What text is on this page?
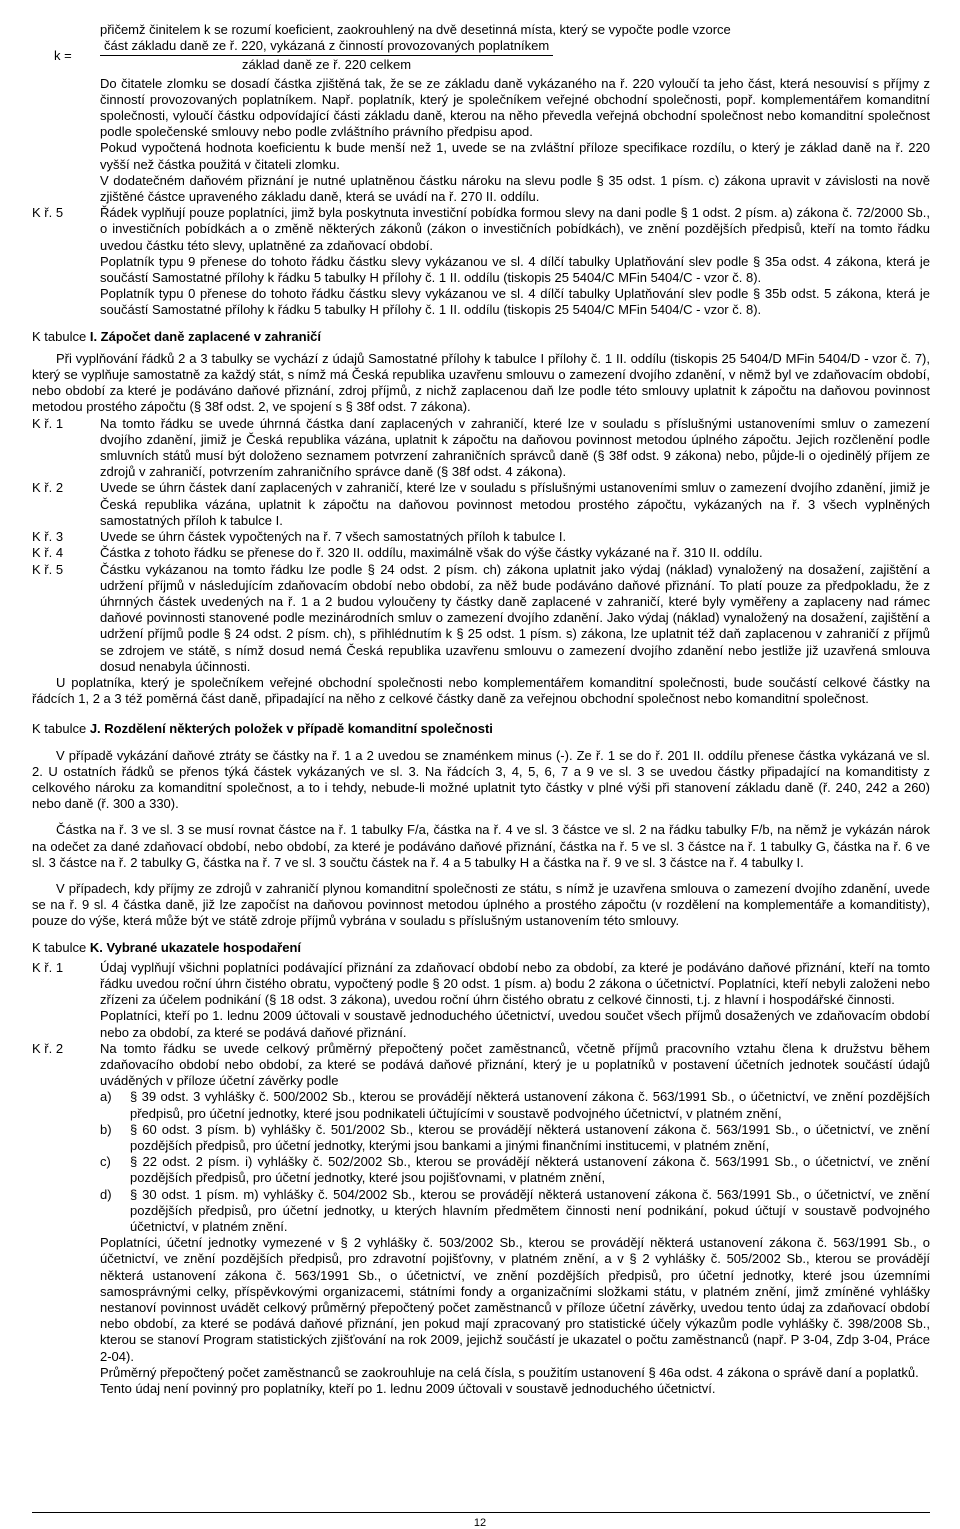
přičemž činitelem k se rozumí koeficient, zaokrouhlený na dvě desetinná místa, který se vypočte podle vzorce

k =
část základu daně ze ř. 220, vykázaná z činností provozovaných poplatníkem
základ daně ze ř. 220 celkem

Do čitatele zlomku se dosadí částka zjištěná tak, že se ze základu daně vykázaného na ř. 220 vyloučí ta jeho část, která nesouvisí s příjmy z činností provozovaných poplatníkem. Např. poplatník, který je společníkem veřejné obchodní společnosti, popř. komplementářem komanditní společnosti, vyloučí částku odpovídající části základu daně, kterou na něho převedla veřejná obchodní společnost nebo komanditní společnost podle společenské smlouvy nebo podle zvláštního právního předpisu apod.

Pokud vypočtená hodnota koeficientu k bude menší než 1, uvede se na zvláštní příloze specifikace rozdílu, o který je základ daně na ř. 220 vyšší než částka použitá v čitateli zlomku.

V dodatečném daňovém přiznání je nutné uplatněnou částku nároku na slevu podle § 35 odst. 1 písm. c) zákona upravit v závislosti na nově zjištěné částce upraveného základu daně, která se uvádí na ř. 270 II. oddílu.

K ř. 5	Řádek vyplňují pouze poplatníci, jimž byla poskytnuta investiční pobídka formou slevy na dani podle § 1 odst. 2 písm. a) zákona č. 72/2000 Sb., o investičních pobídkách a o změně některých zákonů (zákon o investičních pobídkách), ve znění pozdějších předpisů, kteří na tomto řádku uvedou částku této slevy, uplatněné za zdaňovací období.

Poplatník typu 9 přenese do tohoto řádku částku slevy vykázanou ve sl. 4 dílčí tabulky Uplatňování slev podle § 35a odst. 4 zákona, která je součástí Samostatné přílohy k řádku 5 tabulky H přílohy č. 1 II. oddílu (tiskopis 25 5404/C MFin 5404/C - vzor č. 8).

Poplatník typu 0 přenese do tohoto řádku částku slevy vykázanou ve sl. 4 dílčí tabulky Uplatňování slev podle § 35b odst. 5 zákona, která je součástí Samostatné přílohy k řádku 5 tabulky H přílohy č. 1 II. oddílu (tiskopis 25 5404/C MFin 5404/C - vzor č. 8).

K tabulce I. Zápočet daně zaplacené v zahraničí

Při vyplňování řádků 2 a 3 tabulky se vychází z údajů Samostatné přílohy k tabulce I přílohy č. 1 II. oddílu (tiskopis 25 5404/D MFin 5404/D - vzor č. 7), který se vyplňuje samostatně za každý stát, s nímž má Česká republika uzavřenu smlouvu o zamezení dvojího zdanění, v němž byl ve zdaňovacím období, nebo období za které je podáváno daňové přiznání, zdroj příjmů, z nichž zaplacenou daň lze podle této smlouvy uplatnit k zápočtu na daňovou povinnost metodou prostého zápočtu (§ 38f odst. 2, ve spojení s § 38f odst. 7 zákona).

K ř. 1	Na tomto řádku se uvede úhrnná částka daní zaplacených v zahraničí, které lze v souladu s příslušnými ustanoveními smluv o zamezení dvojího zdanění, jimiž je Česká republika vázána, uplatnit k zápočtu na daňovou povinnost metodou úplného zápočtu. Jejich rozčlenění podle smluvních států musí být doloženo seznamem potvrzení zahraničních správců daně (§ 38f odst. 9 zákona) nebo, půjde-li o ojedinělý příjem ze zdrojů v zahraničí, potvrzením zahraničního správce daně (§ 38f odst. 4 zákona).
K ř. 2	Uvede se úhrn částek daní zaplacených v zahraničí, které lze v souladu s příslušnými ustanoveními smluv o zamezení dvojího zdanění, jimiž je Česká republika vázána, uplatnit k zápočtu na daňovou povinnost metodou prostého zápočtu, vykázaných na ř. 3 všech vyplněných samostatných příloh k tabulce I.
K ř. 3	Uvede se úhrn částek vypočtených na ř. 7 všech samostatných příloh k tabulce I.
K ř. 4	Částka z tohoto řádku se přenese do ř. 320 II. oddílu, maximálně však do výše částky vykázané na ř. 310 II. oddílu.
K ř. 5	Částku vykázanou na tomto řádku lze podle § 24 odst. 2 písm. ch) zákona uplatnit jako výdaj (náklad) vynaložený na dosažení, zajištění a udržení příjmů v následujícím zdaňovacím období nebo období, za něž bude podáváno daňové přiznání. To platí pouze za předpokladu, že z úhrnných částek uvedených na ř. 1 a 2 budou vyloučeny ty částky daně zaplacené v zahraničí, které byly vyměřeny a zaplaceny nad rámec daňové povinnosti stanovené podle mezinárodních smluv o zamezení dvojího zdanění. Jako výdaj (náklad) vynaložený na dosažení, zajištění a udržení příjmů podle § 24 odst. 2 písm. ch), s přihlédnutím k § 25 odst. 1 písm. s) zákona, lze uplatnit též daň zaplacenou v zahraničí z příjmů se zdrojem ve státě, s nímž dosud nemá Česká republika uzavřenu smlouvu o zamezení dvojího zdanění nebo jestliže již uzavřená smlouva dosud nenabyla účinnosti.

U poplatníka, který je společníkem veřejné obchodní společnosti nebo komplementářem komanditní společnosti, bude součástí celkové částky na řádcích 1, 2 a 3 též poměrná část daně, připadající na něho z celkové částky daně za veřejnou obchodní společnost nebo komanditní společnost.

K tabulce J. Rozdělení některých položek v případě komanditní společnosti

V případě vykázání daňové ztráty se částky na ř. 1 a 2 uvedou se znaménkem minus (-). Ze ř. 1 se do ř. 201 II. oddílu přenese částka vykázaná ve sl. 2. U ostatních řádků se přenos týká částek vykázaných ve sl. 3. Na řádcích 3, 4, 5, 6, 7 a 9 ve sl. 3 se uvedou částky připadající na komanditisty z celkového nároku za komanditní společnost, a to i tehdy, nebude-li možné uplatnit tyto částky v plné výši při stanovení základu daně (ř. 240, 242 a 260) nebo daně (ř. 300 a 330).

Částka na ř. 3 ve sl. 3 se musí rovnat částce na ř. 1 tabulky F/a, částka na ř. 4 ve sl. 3 částce ve sl. 2 na řádku tabulky F/b, na němž je vykázán nárok na odečet za dané zdaňovací období, nebo období, za které je podáváno daňové přiznání, částka na ř. 5 ve sl. 3 částce na ř. 1 tabulky G, částka na ř. 6 ve sl. 3 částce na ř. 2 tabulky G, částka na ř. 7 ve sl. 3 součtu částek na ř. 4 a 5 tabulky H a částka na ř. 9 ve sl. 3 částce na ř. 4 tabulky I.

V případech, kdy příjmy ze zdrojů v zahraničí plynou komanditní společnosti ze státu, s nímž je uzavřena smlouva o zamezení dvojího zdanění, uvede se na ř. 9 sl. 4 částka daně, již lze započíst na daňovou povinnost metodou úplného a prostého zápočtu (v rozdělení na komplementáře a komanditisty), pouze do výše, která může být ve státě zdroje příjmů vybrána v souladu s příslušným ustanovením této smlouvy.

K tabulce K. Vybrané ukazatele hospodaření

K ř. 1	Údaj vyplňují všichni poplatníci podávající přiznání za zdaňovací období nebo za období, za které je podáváno daňové přiznání, kteří na tomto řádku uvedou roční úhrn čistého obratu, vypočtený podle § 20 odst. 1 písm. a) bodu 2 zákona o účetnictví. Poplatníci, kteří nebyli založeni nebo zřízeni za účelem podnikání (§ 18 odst. 3 zákona), uvedou roční úhrn čistého obratu z celkové činnosti, t.j. z hlavní i hospodářské činnosti.

Poplatníci, kteří po 1. lednu 2009 účtovali v soustavě jednoduchého účetnictví, uvedou součet všech příjmů dosažených ve zdaňovacím období nebo za období, za které se podává daňové přiznání.

K ř. 2	Na tomto řádku se uvede celkový průměrný přepočtený počet zaměstnanců, včetně příjmů pracovního vztahu člena k družstvu během zdaňovacího období nebo období, za které se podává daňové přiznání, který je u poplatníků v postavení účetních jednotek součástí údajů uváděných v příloze účetní závěrky podle
a)	§ 39 odst. 3 vyhlášky č. 500/2002 Sb., kterou se provádějí některá ustanovení zákona č. 563/1991 Sb., o účetnictví, ve znění pozdějších předpisů, pro účetní jednotky, které jsou podnikateli účtujícími v soustavě podvojného účetnictví, v platném znění,
b)	§ 60 odst. 3 písm. b) vyhlášky č. 501/2002 Sb., kterou se provádějí některá ustanovení zákona č. 563/1991 Sb., o účetnictví, ve znění pozdějších předpisů, pro účetní jednotky, kterými jsou bankami a jinými finančními institucemi, v platném znění,
c)	§ 22 odst. 2 písm. i) vyhlášky č. 502/2002 Sb., kterou se provádějí některá ustanovení zákona č. 563/1991 Sb., o účetnictví, ve znění pozdějších předpisů, pro účetní jednotky, které jsou pojišťovnami, v platném znění,
d)	§ 30 odst. 1 písm. m) vyhlášky č. 504/2002 Sb., kterou se provádějí některá ustanovení zákona č. 563/1991 Sb., o účetnictví, ve znění pozdějších předpisů, pro účetní jednotky, u kterých hlavním předmětem činnosti není podnikání, pokud účtují v soustavě podvojného účetnictví, v platném znění.

Poplatníci, účetní jednotky vymezené v § 2 vyhlášky č. 503/2002 Sb., kterou se provádějí některá ustanovení zákona č. 563/1991 Sb., o účetnictví, ve znění pozdějších předpisů, pro zdravotní pojišťovny, v platném znění, a v § 2 vyhlášky č. 505/2002 Sb., kterou se provádějí některá ustanovení zákona č. 563/1991 Sb., o účetnictví, ve znění pozdějších předpisů, pro účetní jednotky, které jsou územními samosprávnými celky, příspěvkovými organizacemi, státními fondy a organizačními složkami státu, v platném znění, jimž zmíněné vyhlášky nestanoví povinnost uvádět celkový průměrný přepočtený počet zaměstnanců v příloze účetní závěrky, uvedou tento údaj za zdaňovací období nebo období, za které se podává daňové přiznání, jen pokud mají zpracovaný pro statistické účely výkazům podle vyhlášky č. 398/2008 Sb., kterou se stanoví Program statistických zjišťování na rok 2009, jejichž součástí je ukazatel o počtu zaměstnanců (např. P 3-04, Zdp 3-04, Práce 2-04).

Průměrný přepočtený počet zaměstnanců se zaokrouhluje na celá čísla, s použitím ustanovení § 46a odst. 4 zákona o správě daní a poplatků.

Tento údaj není povinný pro poplatníky, kteří po 1. lednu 2009 účtovali v soustavě jednoduchého účetnictví.

12
